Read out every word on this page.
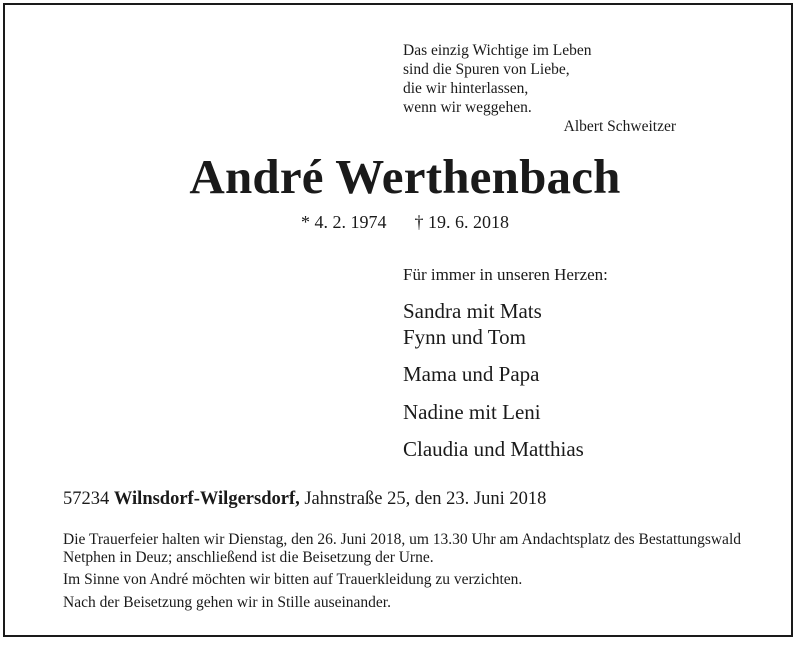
Das einzig Wichtige im Leben
sind die Spuren von Liebe,
die wir hinterlassen,
wenn wir weggehen.
Albert Schweitzer
André Werthenbach
* 4. 2. 1974 † 19. 6. 2018
Für immer in unseren Herzen:
Sandra mit Mats
Fynn und Tom
Mama und Papa
Nadine mit Leni
Claudia und Matthias
57234 Wilnsdorf-Wilgersdorf, Jahnstraße 25, den 23. Juni 2018

Die Trauerfeier halten wir Dienstag, den 26. Juni 2018, um 13.30 Uhr am Andachtsplatz des Bestattungswald Netphen in Deuz; anschließend ist die Beisetzung der Urne.

Im Sinne von André möchten wir bitten auf Trauerkleidung zu verzichten.

Nach der Beisetzung gehen wir in Stille auseinander.
